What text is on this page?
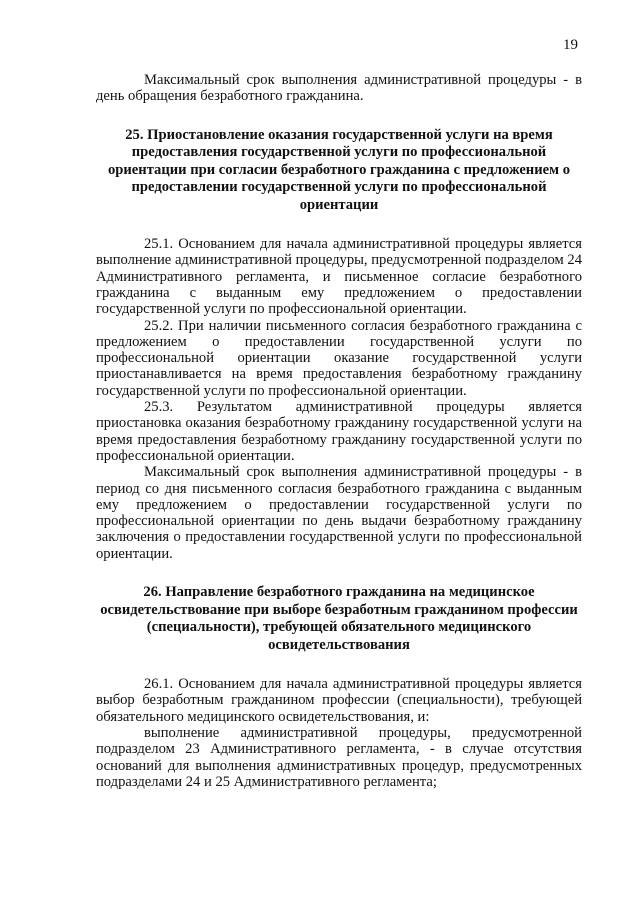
19

Максимальный срок выполнения административной процедуры - в день обращения безработного гражданина.

25. Приостановление оказания государственной услуги на время предоставления государственной услуги по профессиональной ориентации при согласии безработного гражданина с предложением о предоставлении государственной услуги по профессиональной ориентации

25.1. Основанием для начала административной процедуры является выполнение административной процедуры, предусмотренной подразделом 24 Административного регламента, и письменное согласие безработного гражданина с выданным ему предложением о предоставлении государственной услуги по профессиональной ориентации.

25.2. При наличии письменного согласия безработного гражданина с предложением о предоставлении государственной услуги по профессиональной ориентации оказание государственной услуги приостанавливается на время предоставления безработному гражданину государственной услуги по профессиональной ориентации.

25.3. Результатом административной процедуры является приостановка оказания безработному гражданину государственной услуги на время предоставления безработному гражданину государственной услуги по профессиональной ориентации.

Максимальный срок выполнения административной процедуры - в период со дня письменного согласия безработного гражданина с выданным ему предложением о предоставлении государственной услуги по профессиональной ориентации по день выдачи безработному гражданину заключения о предоставлении государственной услуги по профессиональной ориентации.

26. Направление безработного гражданина на медицинское освидетельствование при выборе безработным гражданином профессии (специальности), требующей обязательного медицинского освидетельствования

26.1. Основанием для начала административной процедуры является выбор безработным гражданином профессии (специальности), требующей обязательного медицинского освидетельствования, и:

выполнение административной процедуры, предусмотренной подразделом 23 Административного регламента, - в случае отсутствия оснований для выполнения административных процедур, предусмотренных подразделами 24 и 25 Административного регламента;
